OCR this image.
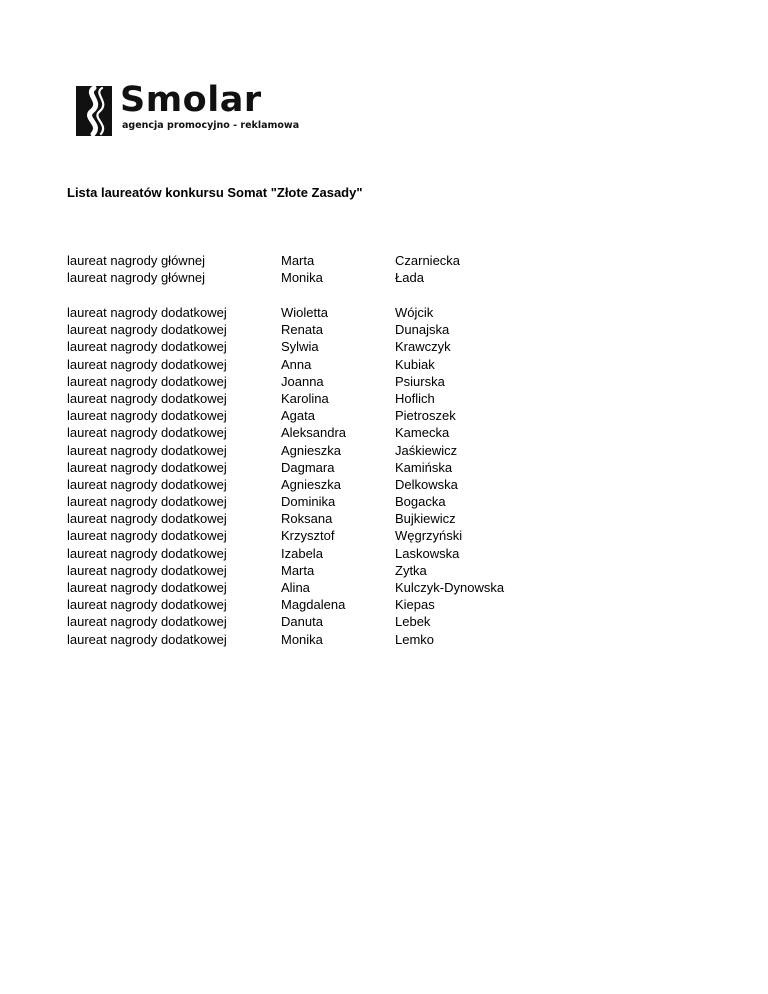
Smolar
agencja promocyjno - reklamowa
Lista laureatów konkursu Somat "Złote Zasady"
laureat nagrody głównej	Marta	Czarniecka
laureat nagrody głównej	Monika	Łada
laureat nagrody dodatkowej	Wioletta	Wójcik
laureat nagrody dodatkowej	Renata	Dunajska
laureat nagrody dodatkowej	Sylwia	Krawczyk
laureat nagrody dodatkowej	Anna	Kubiak
laureat nagrody dodatkowej	Joanna	Psiurska
laureat nagrody dodatkowej	Karolina	Hoflich
laureat nagrody dodatkowej	Agata	Pietroszek
laureat nagrody dodatkowej	Aleksandra	Kamecka
laureat nagrody dodatkowej	Agnieszka	Jaśkiewicz
laureat nagrody dodatkowej	Dagmara	Kamińska
laureat nagrody dodatkowej	Agnieszka	Delkowska
laureat nagrody dodatkowej	Dominika	Bogacka
laureat nagrody dodatkowej	Roksana	Bujkiewicz
laureat nagrody dodatkowej	Krzysztof	Węgrzyński
laureat nagrody dodatkowej	Izabela	Laskowska
laureat nagrody dodatkowej	Marta	Zytka
laureat nagrody dodatkowej	Alina	Kulczyk-Dynowska
laureat nagrody dodatkowej	Magdalena	Kiepas
laureat nagrody dodatkowej	Danuta	Lebek
laureat nagrody dodatkowej	Monika	Lemko
